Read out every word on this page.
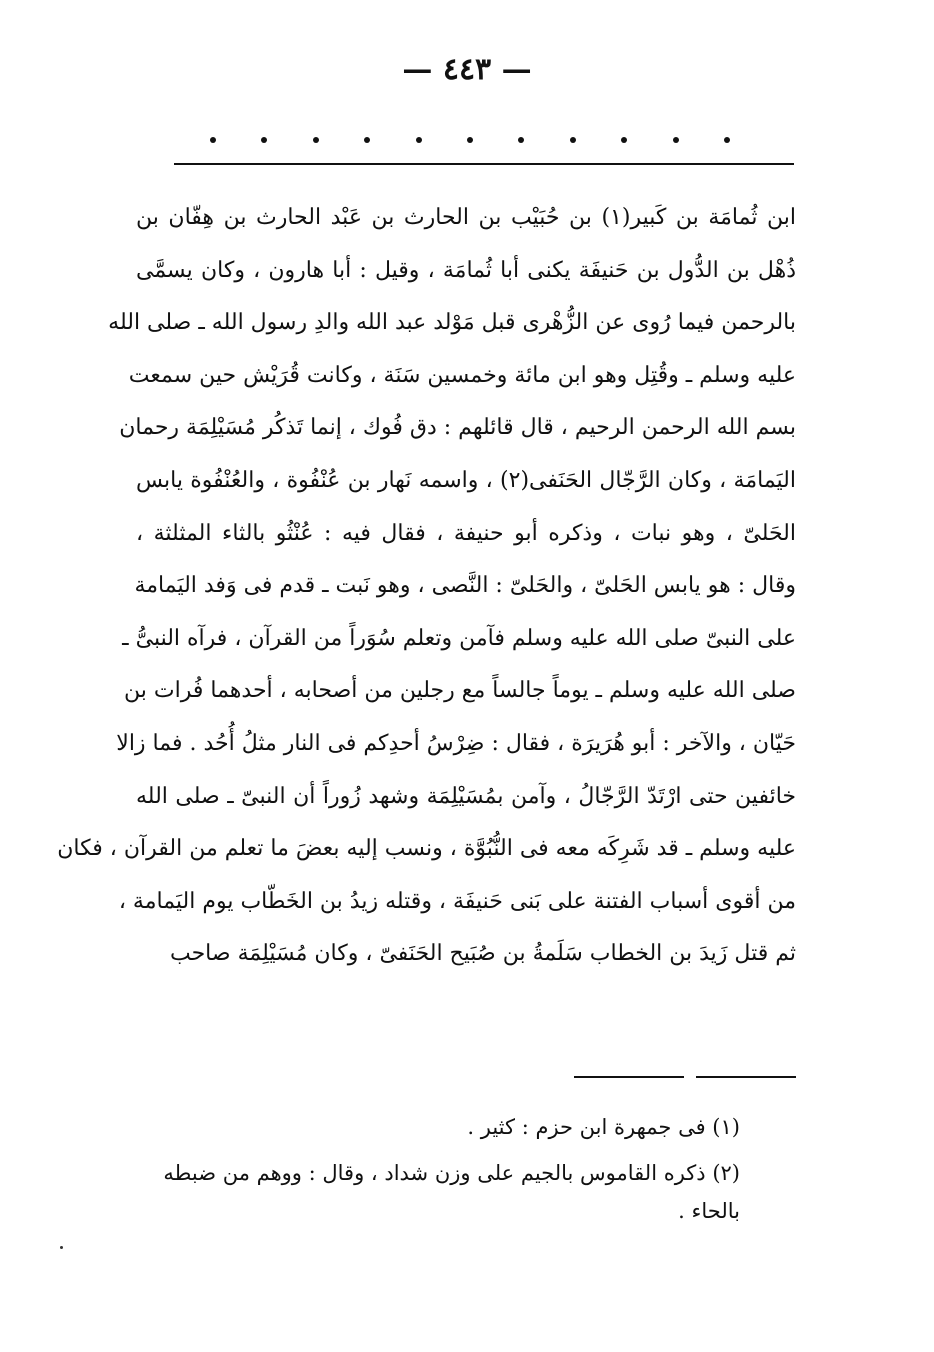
— ٤٤٣ —
ابن ثُمامَة بن كَبير(١) بن حُبَيْب بن الحارث بن عَبْد الحارث بن هِفّان بن
ذُهْل بن الدُّول بن حَنيفَة يكنى أبا ثُمامَة ، وقيل : أبا هارون ، وكان يسمَّى
بالرحمن فيما رُوى عن الزُّهْرى قبل مَوْلد عبد الله والدِ رسول الله ـ صلى الله
عليه وسلم ـ وقُتِل وهو ابن مائة وخمسين سَنَة ، وكانت قُرَيْش حين سمعت
بسم الله الرحمن الرحيم ، قال قائلهم : دق فُوك ، إنما تَذكُر مُسَيْلِمَة رحمان
اليَمامَة ، وكان الرَّجّال الحَنَفى(٢) ، واسمه نَهار بن عُنْفُوة ، والعُنْفُوة يابس
الحَلىّ ، وهو نبات ، وذكره أبو حنيفة ، فقال فيه : عُنْثُو بالثاء المثلثة ،
وقال : هو يابس الحَلىّ ، والحَلىّ : النَّصى ، وهو نَبت ـ قدم فى وَفد اليَمامة
على النبىّ صلى الله عليه وسلم فآمن وتعلم سُوَراً من القرآن ، فرآه النبىُّ ـ
صلى الله عليه وسلم ـ يوماً جالساً مع رجلين من أصحابه ، أحدهما فُرات بن
حَيّان ، والآخر : أبو هُرَيرَة ، فقال : ضِرْسُ أحدِكم فى النار مثلُ أُحُد . فما زالا
خائفين حتى ارْتَدّ الرَّجّالُ ، وآمن بمُسَيْلِمَة وشهد زُوراً أن النبىّ ـ صلى الله
عليه وسلم ـ قد شَرِكَه معه فى النُّبُوَّة ، ونسب إليه بعضَ ما تعلم من القرآن ، فكان
من أقوى أسباب الفتنة على بَنى حَنيفَة ، وقتله زيدُ بن الخَطّاب يوم اليَمامة ،
ثم قتل زَيدَ بن الخطاب سَلَمةُ بن صُبَيح الحَنَفىّ ، وكان مُسَيْلِمَة صاحب
(١) فى جمهرة ابن حزم : كثير .
(٢) ذكره القاموس بالجيم على وزن شداد ، وقال : ووهم من ضبطه بالحاء .
